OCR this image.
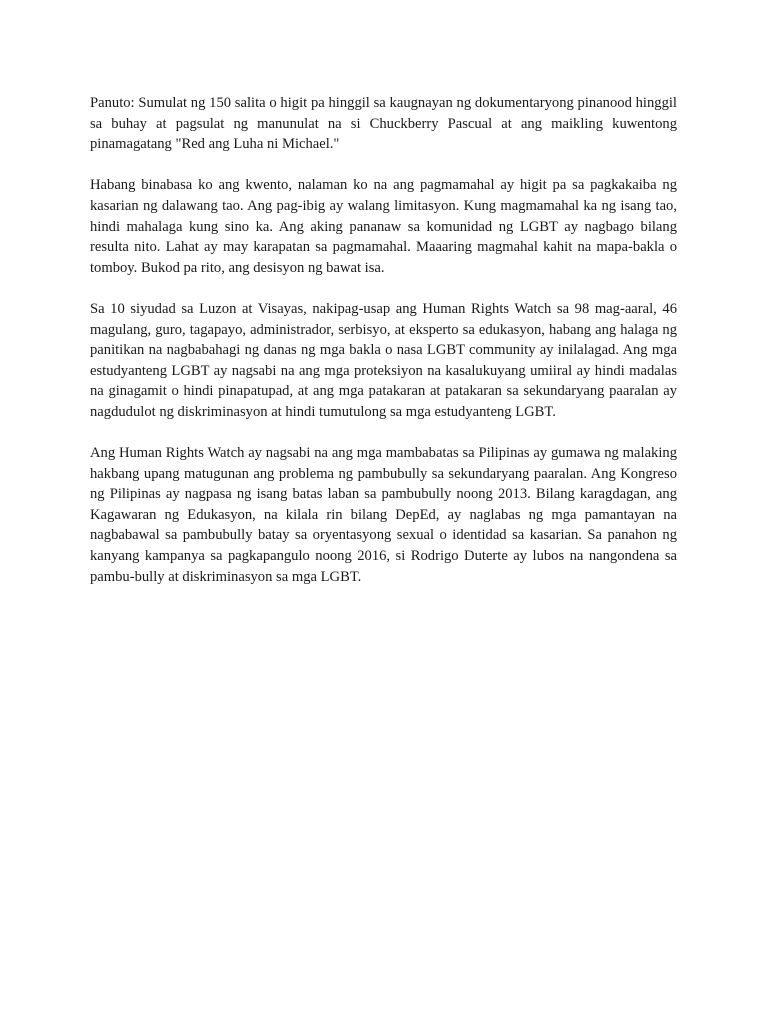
Panuto: Sumulat ng 150 salita o higit pa hinggil sa kaugnayan ng dokumentaryong pinanood hinggil sa buhay at pagsulat ng manunulat na si Chuckberry Pascual at ang maikling kuwentong pinamagatang "Red ang Luha ni Michael."

Habang binabasa ko ang kwento, nalaman ko na ang pagmamahal ay higit pa sa pagkakaiba ng kasarian ng dalawang tao. Ang pag-ibig ay walang limitasyon. Kung magmamahal ka ng isang tao, hindi mahalaga kung sino ka. Ang aking pananaw sa komunidad ng LGBT ay nagbago bilang resulta nito. Lahat ay may karapatan sa pagmamahal. Maaaring magmahal kahit na mapa-bakla o tomboy. Bukod pa rito, ang desisyon ng bawat isa.

Sa 10 siyudad sa Luzon at Visayas, nakipag-usap ang Human Rights Watch sa 98 mag-aaral, 46 magulang, guro, tagapayo, administrador, serbisyo, at eksperto sa edukasyon, habang ang halaga ng panitikan na nagbabahagi ng danas ng mga bakla o nasa LGBT community ay inilalagad. Ang mga estudyanteng LGBT ay nagsabi na ang mga proteksiyon na kasalukuyang umiiral ay hindi madalas na ginagamit o hindi pinapatupad, at ang mga patakaran at patakaran sa sekundaryang paaralan ay nagdudulot ng diskriminasyon at hindi tumutulong sa mga estudyanteng LGBT.

Ang Human Rights Watch ay nagsabi na ang mga mambabatas sa Pilipinas ay gumawa ng malaking hakbang upang matugunan ang problema ng pambubully sa sekundaryang paaralan. Ang Kongreso ng Pilipinas ay nagpasa ng isang batas laban sa pambubully noong 2013. Bilang karagdagan, ang Kagawaran ng Edukasyon, na kilala rin bilang DepEd, ay naglabas ng mga pamantayan na nagbabawal sa pambubully batay sa oryentasyong sexual o identidad sa kasarian. Sa panahon ng kanyang kampanya sa pagkapangulo noong 2016, si Rodrigo Duterte ay lubos na nangondena sa pambu-bully at diskriminasyon sa mga LGBT.
